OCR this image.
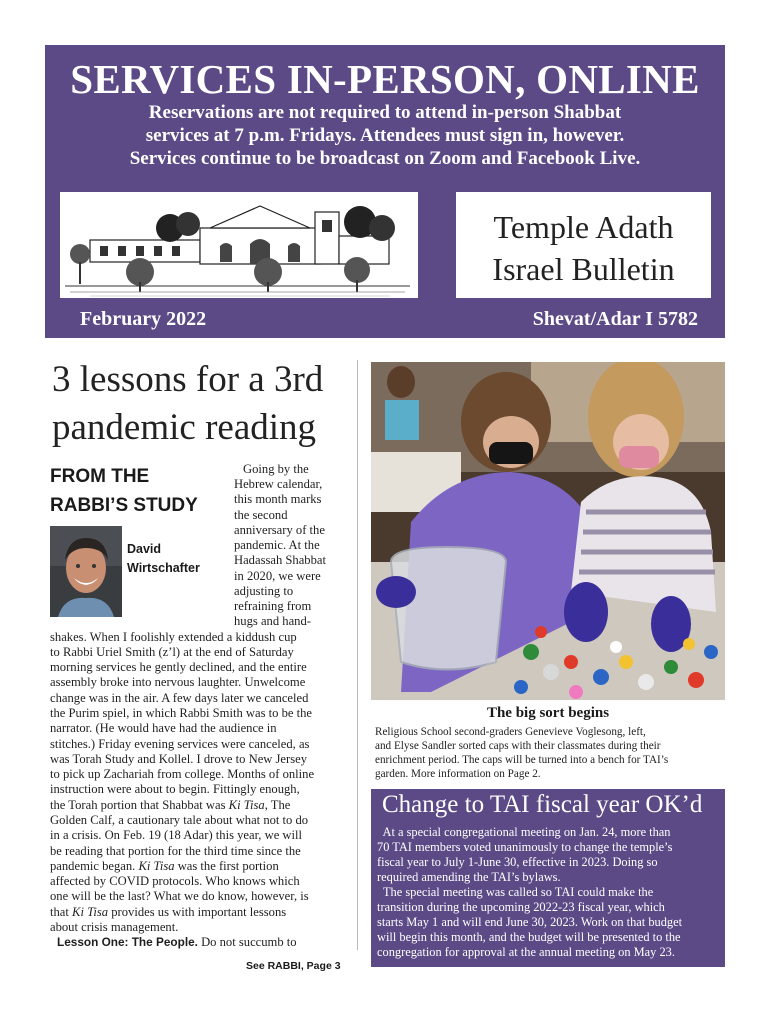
SERVICES IN-PERSON, ONLINE
Reservations are not required to attend in-person Shabbat
services at 7 p.m. Fridays. Attendees must sign in, however.
Services continue to be broadcast on Zoom and Facebook Live.
Temple Adath
Israel Bulletin
February 2022	Shevat/Adar I 5782
3 lessons for a 3rd
pandemic reading
FROM THE
RABBI’S STUDY
David
Wirtschafter
Going by the
Hebrew calendar,
this month marks
the second
anniversary of the
pandemic. At the
Hadassah Shabbat
in 2020, we were
adjusting to
refraining from
hugs and hand-
shakes. When I foolishly extended a kiddush cup
to Rabbi Uriel Smith (z’l) at the end of Saturday
morning services he gently declined, and the entire
assembly broke into nervous laughter. Unwelcome
change was in the air. A few days later we canceled
the Purim spiel, in which Rabbi Smith was to be the
narrator. (He would have had the audience in
stitches.) Friday evening services were canceled, as
was Torah Study and Kollel. I drove to New Jersey
to pick up Zachariah from college. Months of online
instruction were about to begin. Fittingly enough,
the Torah portion that Shabbat was Ki Tisa, The
Golden Calf, a cautionary tale about what not to do
in a crisis. On Feb. 19 (18 Adar) this year, we will
be reading that portion for the third time since the
pandemic began. Ki Tisa was the first portion
affected by COVID protocols. Who knows which
one will be the last? What we do know, however, is
that Ki Tisa provides us with important lessons
about crisis management.
Lesson One: The People. Do not succumb to
See RABBI, Page 3
The big sort begins
Religious School second-graders Genevieve Voglesong, left,
and Elyse Sandler sorted caps with their classmates during their
enrichment period. The caps will be turned into a bench for TAI’s
garden. More information on Page 2.
Change to TAI fiscal year OK’d
At a special congregational meeting on Jan. 24, more than
70 TAI members voted unanimously to change the temple’s
fiscal year to July 1-June 30, effective in 2023. Doing so
required amending the TAI’s bylaws.
The special meeting was called so TAI could make the
transition during the upcoming 2022-23 fiscal year, which
starts May 1 and will end June 30, 2023. Work on that budget
will begin this month, and the budget will be presented to the
congregation for approval at the annual meeting on May 23.
